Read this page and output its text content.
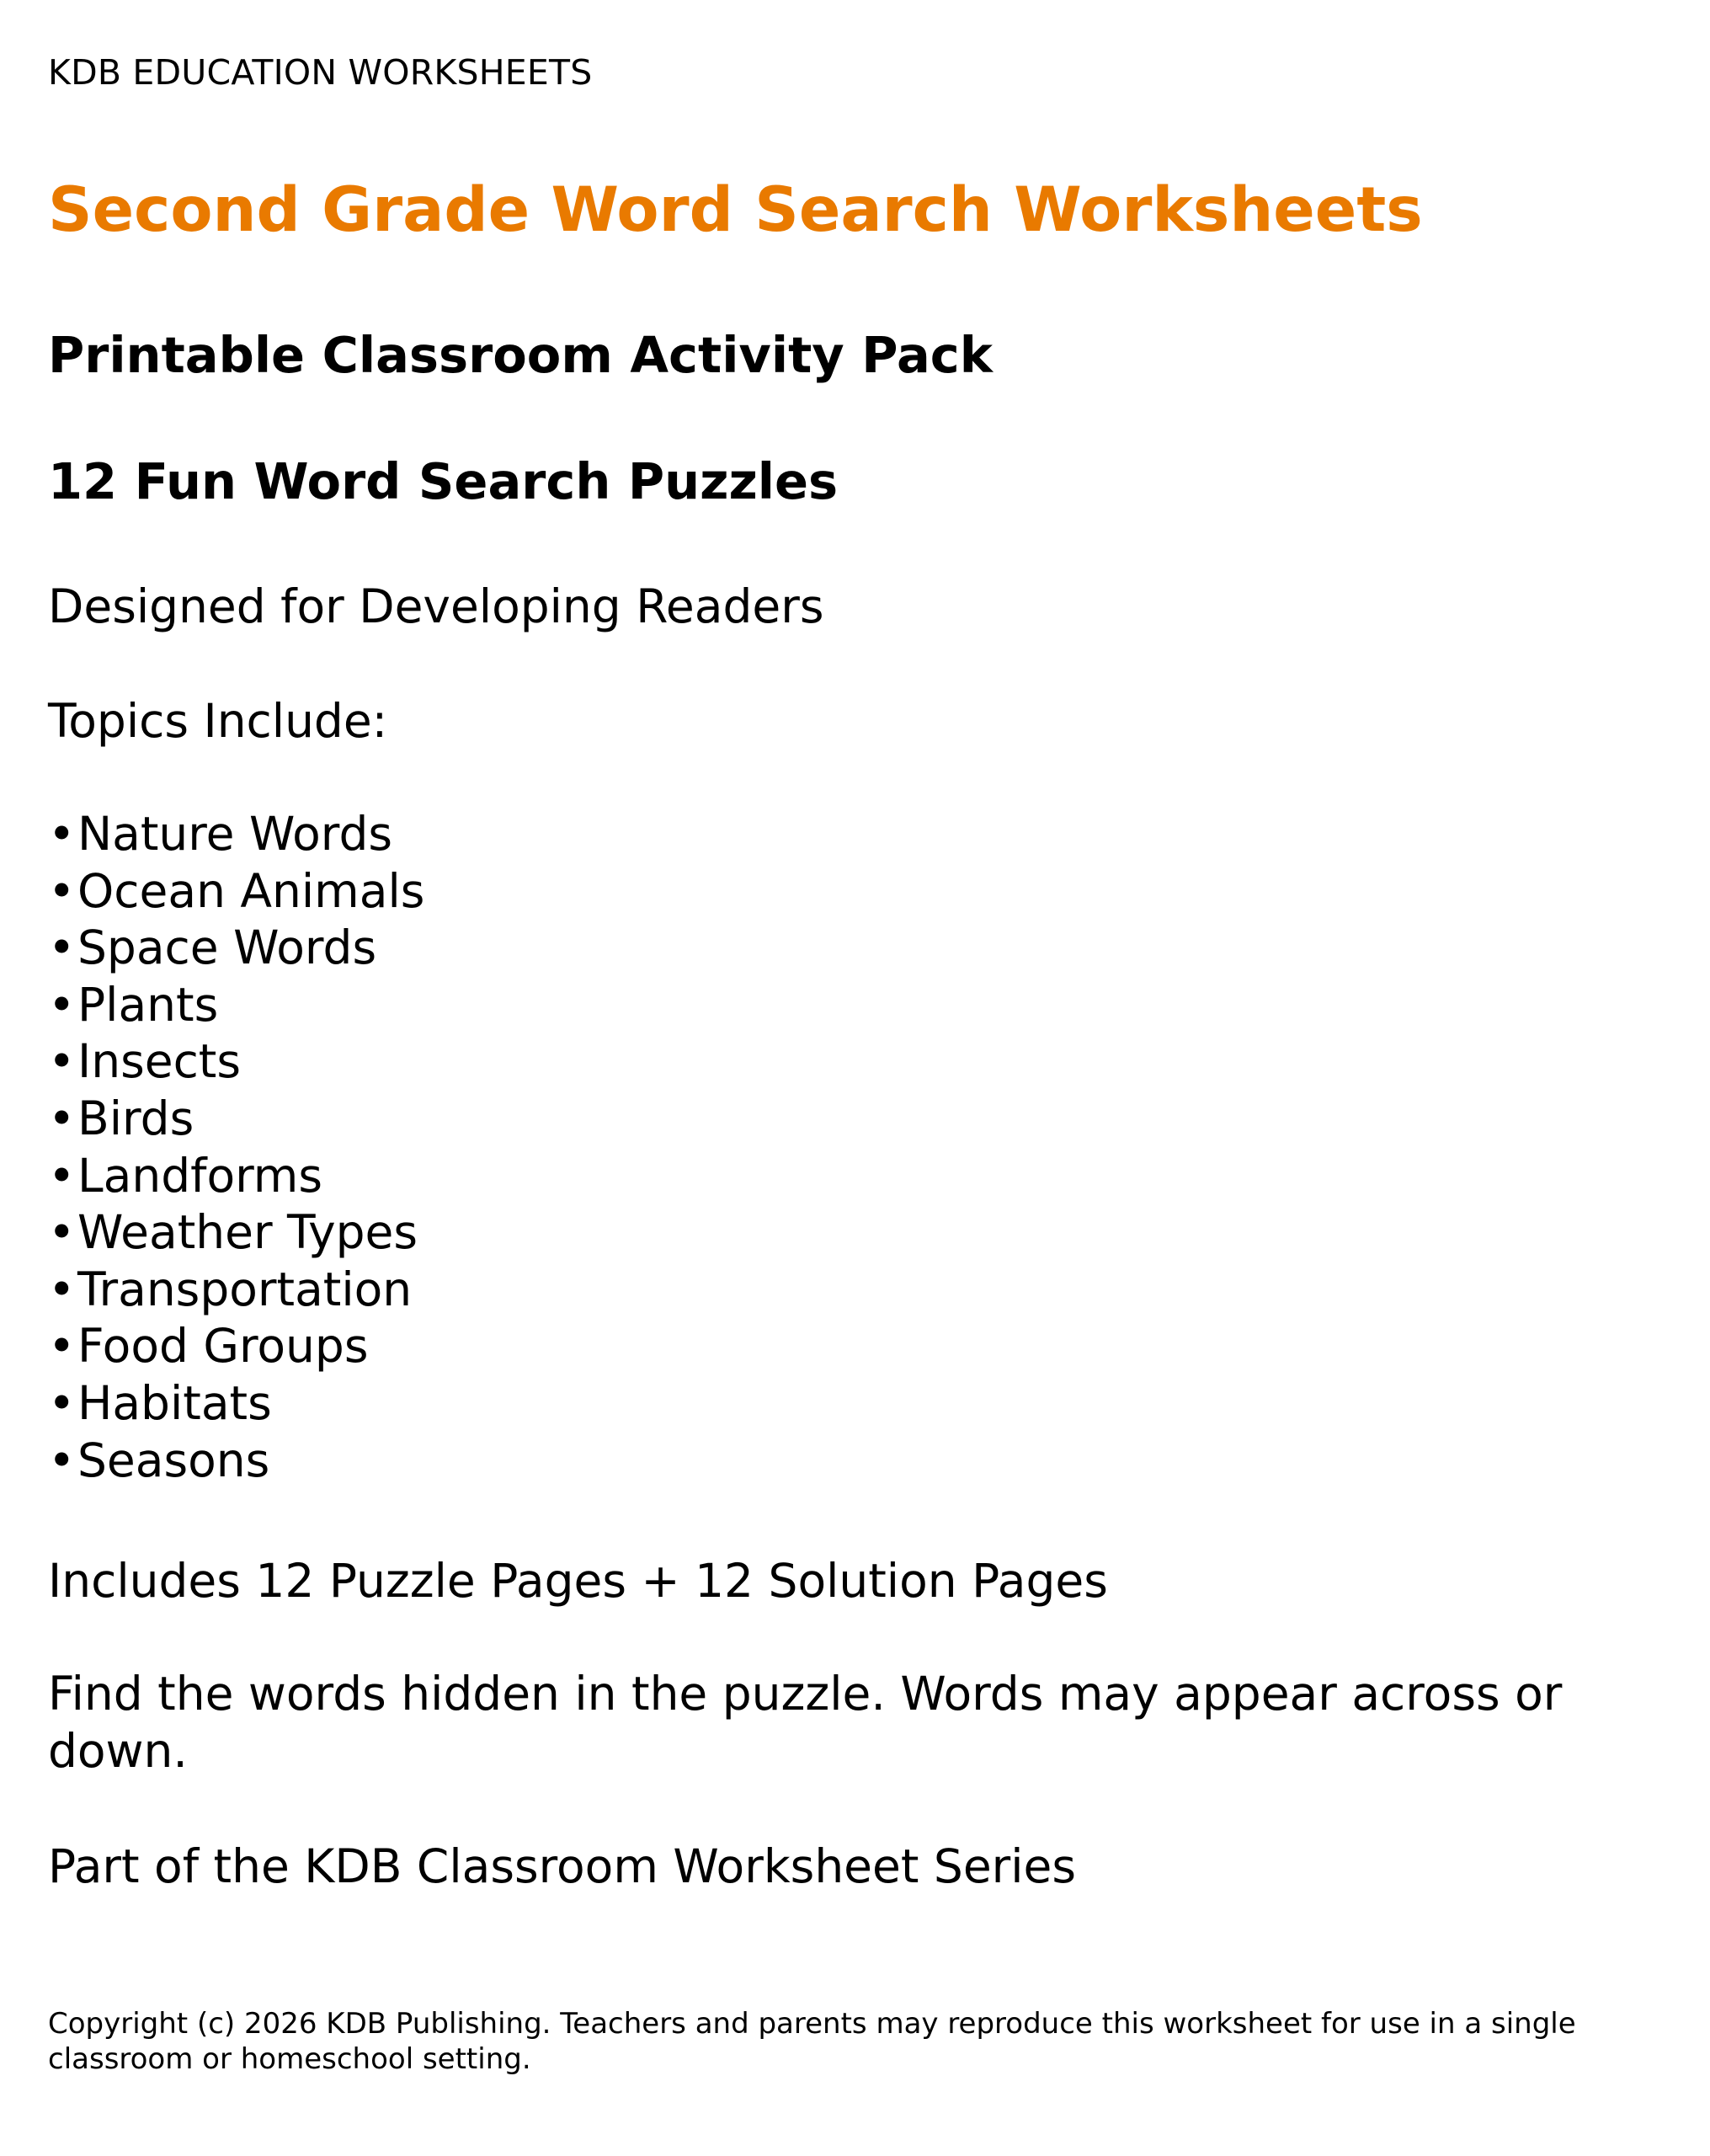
KDB EDUCATION WORKSHEETS
Second Grade Word Search Worksheets
Printable Classroom Activity Pack
12 Fun Word Search Puzzles

Designed for Developing Readers

Topics Include:

• Nature Words
• Ocean Animals
• Space Words
• Plants
• Insects
• Birds
• Landforms
• Weather Types
• Transportation
• Food Groups
• Habitats
• Seasons

Includes 12 Puzzle Pages + 12 Solution Pages

Find the words hidden in the puzzle. Words may appear across or down.

Part of the KDB Classroom Worksheet Series

Copyright (c) 2026 KDB Publishing. Teachers and parents may reproduce this worksheet for use in a single classroom or homeschool setting.
